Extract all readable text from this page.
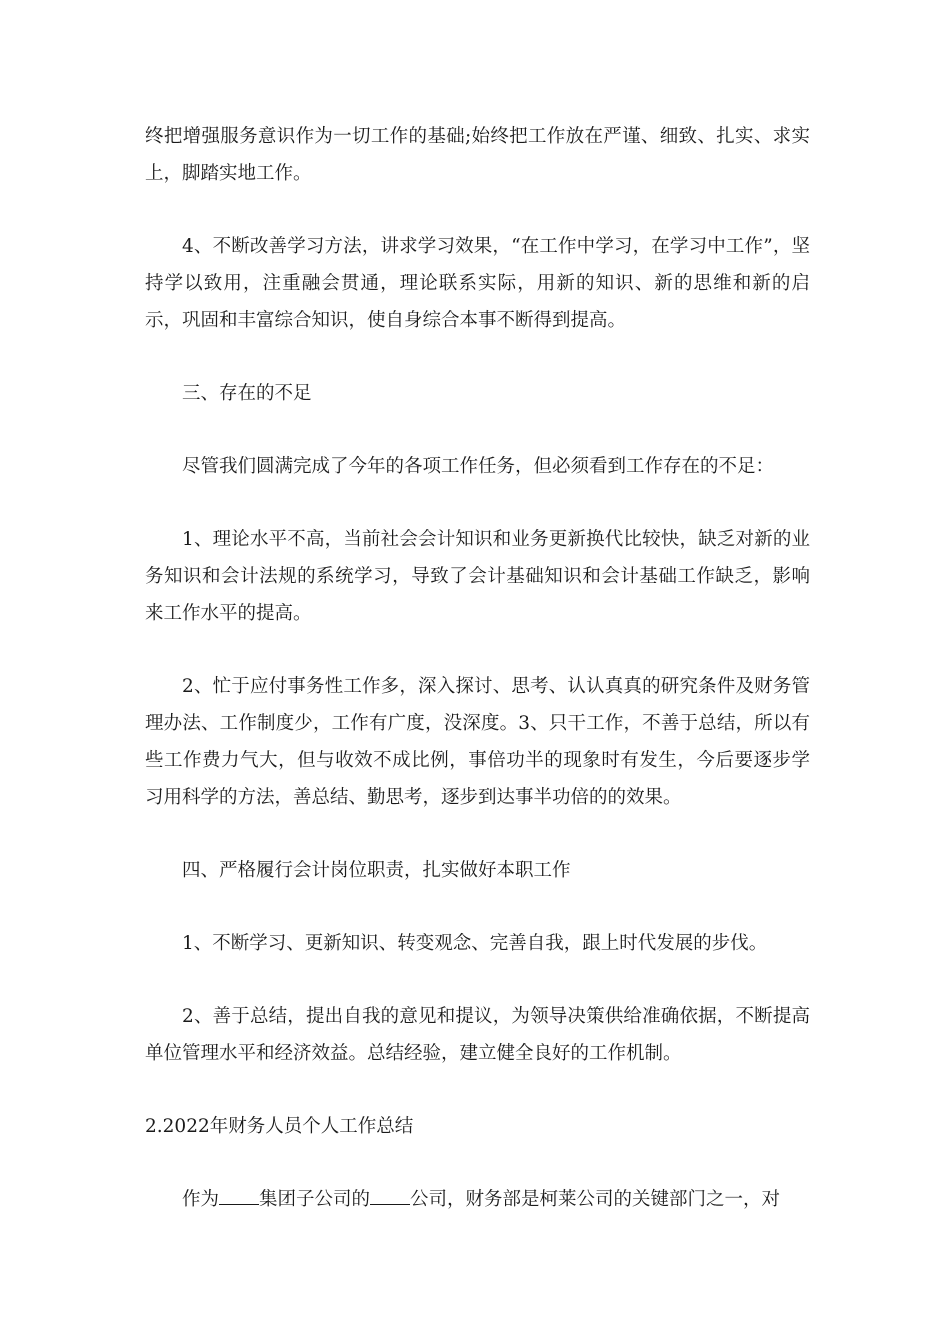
终把增强服务意识作为一切工作的基础;始终把工作放在严谨、细致、扎实、求实上，脚踏实地工作。

4、不断改善学习方法，讲求学习效果，“在工作中学习，在学习中工作”，坚持学以致用，注重融会贯通，理论联系实际，用新的知识、新的思维和新的启示，巩固和丰富综合知识，使自身综合本事不断得到提高。

三、存在的不足

尽管我们圆满完成了今年的各项工作任务，但必须看到工作存在的不足：

1、理论水平不高，当前社会会计知识和业务更新换代比较快，缺乏对新的业务知识和会计法规的系统学习，导致了会计基础知识和会计基础工作缺乏，影响来工作水平的提高。

2、忙于应付事务性工作多，深入探讨、思考、认认真真的研究条件及财务管理办法、工作制度少，工作有广度，没深度。3、只干工作，不善于总结，所以有些工作费力气大，但与收效不成比例，事倍功半的现象时有发生，今后要逐步学习用科学的方法，善总结、勤思考，逐步到达事半功倍的的效果。

四、严格履行会计岗位职责，扎实做好本职工作

1、不断学习、更新知识、转变观念、完善自我，跟上时代发展的步伐。

2、善于总结，提出自我的意见和提议，为领导决策供给准确依据，不断提高单位管理水平和经济效益。总结经验，建立健全良好的工作机制。

2.2022年财务人员个人工作总结

作为 集团子公司的 公司，财务部是柯莱公司的关键部门之一，对
